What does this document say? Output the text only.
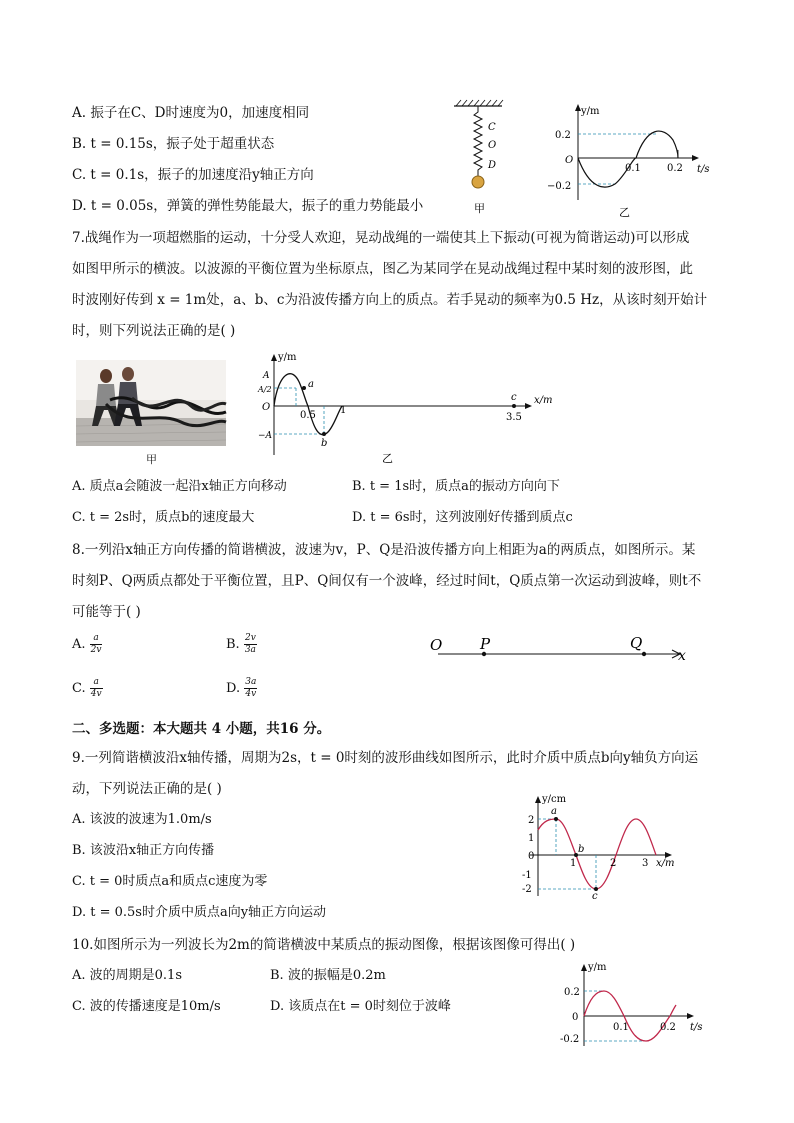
A. 振子在C、D时速度为0，加速度相同
B. t = 0.15s，振子处于超重状态
C. t = 0.1s，振子的加速度沿y轴正方向
D. t = 0.05s，弹簧的弹性势能最大，振子的重力势能最小
C
O
D
甲
y/m
t/s
O
0.2
−0.2
0.1	0.2
乙
7.战绳作为一项超燃脂的运动，十分受人欢迎，晃动战绳的一端使其上下振动(可视为简谐运动)可以形成
如图甲所示的横波。以波源的平衡位置为坐标原点，图乙为某同学在晃动战绳过程中某时刻的波形图，此
时波刚好传到 x = 1m处，a、b、c为沿波传播方向上的质点。若手晃动的频率为0.5 Hz，从该时刻开始计
时，则下列说法正确的是( )
甲
y/m
x/m
O
A
A/2
−A
a
b
c
0.5 1
3.5
乙
A. 质点a会随波一起沿x轴正方向移动	B. t = 1s时，质点a的振动方向向下
C. t = 2s时，质点b的速度最大	D. t = 6s时，这列波刚好传播到质点c
8.一列沿x轴正方向传播的简谐横波，波速为v，P、Q是沿波传播方向上相距为a的两质点，如图所示。某
时刻P、Q两质点都处于平衡位置，且P、Q间仅有一个波峰，经过时间t，Q质点第一次运动到波峰，则t不
可能等于( )
A. $\frac{a}{2v}$	B. $\frac{2v}{3a}$
C. $\frac{a}{4v}$	D. $\frac{3a}{4v}$
O	P	Q
x
二、多选题：本大题共 4 小题，共16 分。
9.一列简谐横波沿x轴传播，周期为2s，t = 0时刻的波形曲线如图所示，此时介质中质点b向y轴负方向运
动，下列说法正确的是( )
A. 该波的波速为1.0m/s
B. 该波沿x轴正方向传播
C. t = 0时质点a和质点c速度为零
D. t = 0.5s时介质中质点a向y轴正方向运动
y/cm
x/m
0
2
1
-1
-2
a
b
c
1	2	3
10.如图所示为一列波长为2m的简谐横波中某质点的振动图像，根据该图像可得出( )
A. 波的周期是0.1s	B. 波的振幅是0.2m
C. 波的传播速度是10m/s	D. 该质点在t = 0时刻位于波峰
y/m
t/s
0
0.2
-0.2
0.1	0.2
